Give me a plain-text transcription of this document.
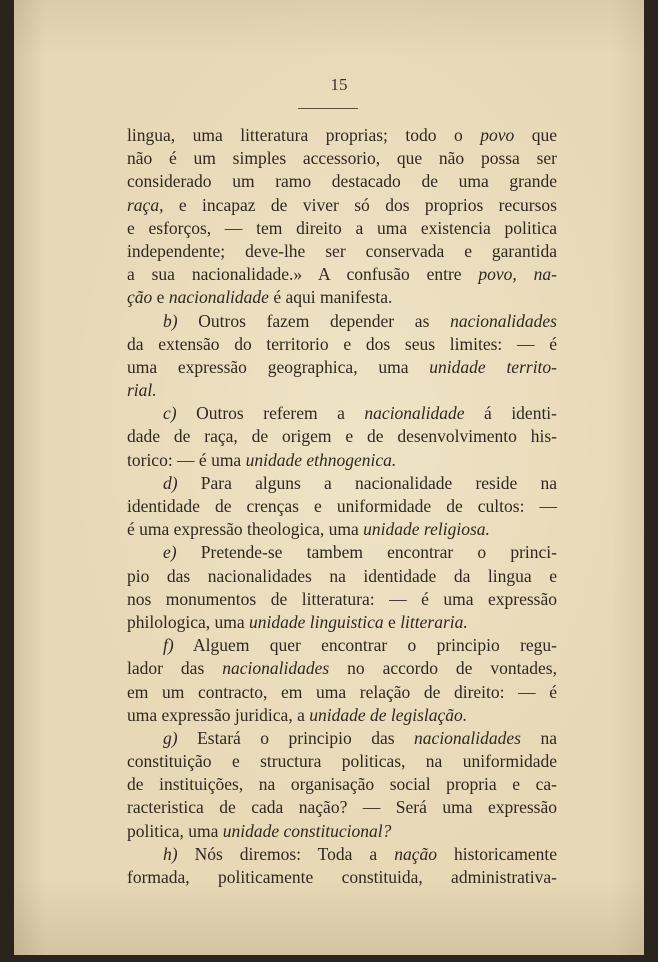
15
lingua, uma litteratura proprias; todo o povo que
não é um simples accessorio, que não possa ser
considerado um ramo destacado de uma grande
raça, e incapaz de viver só dos proprios recursos
e esforços, — tem direito a uma existencia politica
independente; deve-lhe ser conservada e garantida
a sua nacionalidade.» A confusão entre povo, na-
ção e nacionalidade é aqui manifesta.
b) Outros fazem depender as nacionalidades
da extensão do territorio e dos seus limites: — é
uma expressão geographica, uma unidade territo-
rial.
c) Outros referem a nacionalidade á identi-
dade de raça, de origem e de desenvolvimento his-
torico: — é uma unidade ethnogenica.
d) Para alguns a nacionalidade reside na
identidade de crenças e uniformidade de cultos: —
é uma expressão theologica, uma unidade religiosa.
e) Pretende-se tambem encontrar o princi-
pio das nacionalidades na identidade da lingua e
nos monumentos de litteratura: — é uma expressão
philologica, uma unidade linguistica e litteraria.
f) Alguem quer encontrar o principio regu-
lador das nacionalidades no accordo de vontades,
em um contracto, em uma relação de direito: — é
uma expressão juridica, a unidade de legislação.
g) Estará o principio das nacionalidades na
constituição e structura politicas, na uniformidade
de instituições, na organisação social propria e ca-
racteristica de cada nação? — Será uma expressão
politica, uma unidade constitucional?
h) Nós diremos: Toda a nação historicamente
formada, politicamente constituida, administrativa-
